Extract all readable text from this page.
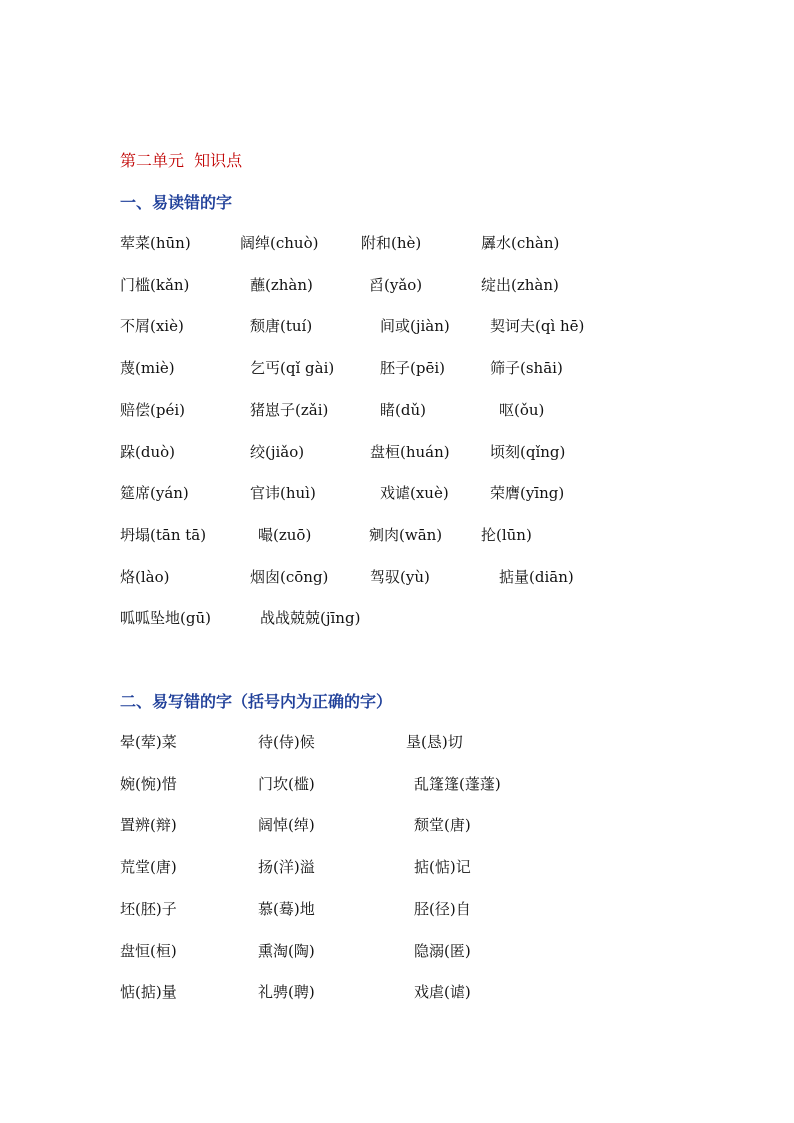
第二单元  知识点
一、易读错的字
荤菜(hūn)	阔绰(chuò)	附和(hè)	羼水(chàn)
门槛(kǎn)	蘸(zhàn)	舀(yǎo)	绽出(zhàn)
不屑(xiè)	颓唐(tuí)	间或(jiàn)	契诃夫(qì hē)
蔑(miè)	乞丐(qǐ gài)	胚子(pēi)	筛子(shāi)
赔偿(péi)	猪崽子(zǎi)	睹(dǔ)	呕(ǒu)
跺(duò)	绞(jiǎo)	盘桓(huán)	顷刻(qǐng)
筵席(yán)	官讳(huì)	戏谑(xuè)	荣膺(yīng)
坍塌(tān tā)	嘬(zuō)	剜肉(wān)	抡(lūn)
烙(lào)	烟囱(cōng)	驾驭(yù)	掂量(diān)
呱呱坠地(gū)	战战兢兢(jīng)
二、易写错的字（括号内为正确的字）
晕(荤)菜	待(侍)候	垦(恳)切
婉(惋)惜	门坎(槛)	乱篷篷(蓬蓬)
置辨(辩)	阔悼(绰)	颓堂(唐)
荒堂(唐)	扬(洋)溢	掂(惦)记
坯(胚)子	慕(蓦)地	胫(径)自
盘恒(桓)	熏淘(陶)	隐溺(匿)
惦(掂)量	礼骋(聘)	戏虐(谑)
